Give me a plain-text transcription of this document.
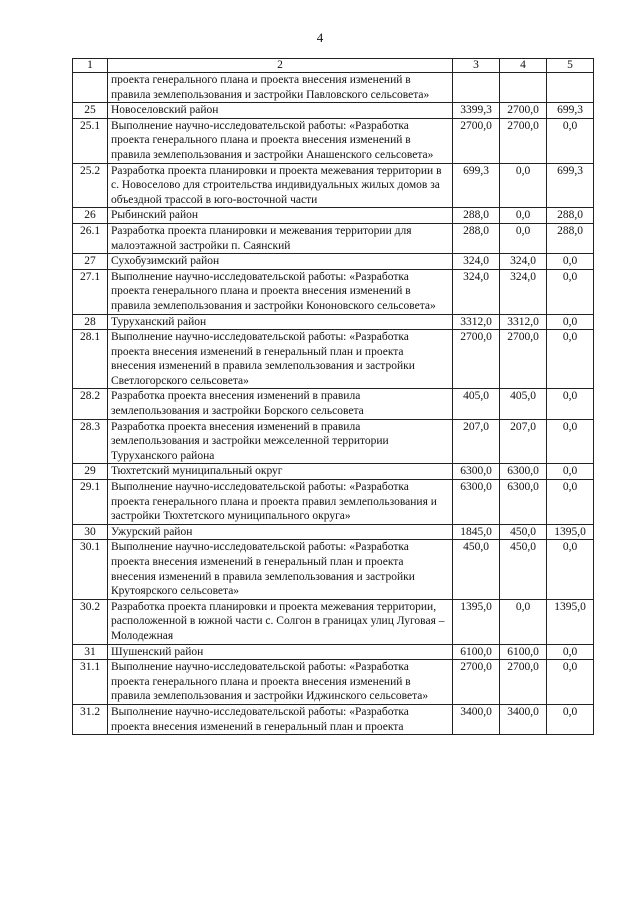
4
1	2	3	4	5
	проекта генерального плана и проекта внесения изменений в правила землепользования и застройки Павловского сельсовета»			
25	Новоселовский район	3399,3	2700,0	699,3
25.1	Выполнение научно-исследовательской работы: «Разработка проекта генерального плана и проекта внесения изменений в правила землепользования и застройки Анашенского сельсовета»	2700,0	2700,0	0,0
25.2	Разработка проекта планировки и проекта межевания территории в с. Новоселово для строительства индивидуальных жилых домов за объездной трассой в юго-восточной части	699,3	0,0	699,3
26	Рыбинский район	288,0	0,0	288,0
26.1	Разработка проекта планировки и межевания территории для малоэтажной застройки п. Саянский	288,0	0,0	288,0
27	Сухобузимский район	324,0	324,0	0,0
27.1	Выполнение научно-исследовательской работы: «Разработка проекта генерального плана и проекта внесения изменений в правила землепользования и застройки Кононовского сельсовета»	324,0	324,0	0,0
28	Туруханский район	3312,0	3312,0	0,0
28.1	Выполнение научно-исследовательской работы: «Разработка проекта внесения изменений в генеральный план и проекта внесения изменений в правила землепользования и застройки Светлогорского сельсовета»	2700,0	2700,0	0,0
28.2	Разработка проекта внесения изменений в правила землепользования и застройки Борского сельсовета	405,0	405,0	0,0
28.3	Разработка проекта внесения изменений в правила землепользования и застройки межселенной территории Туруханского района	207,0	207,0	0,0
29	Тюхтетский муниципальный округ	6300,0	6300,0	0,0
29.1	Выполнение научно-исследовательской работы: «Разработка проекта генерального плана и проекта правил землепользования и застройки Тюхтетского муниципального округа»	6300,0	6300,0	0,0
30	Ужурский район	1845,0	450,0	1395,0
30.1	Выполнение научно-исследовательской работы: «Разработка проекта внесения изменений в генеральный план и проекта внесения изменений в правила землепользования и застройки Крутоярского сельсовета»	450,0	450,0	0,0
30.2	Разработка проекта планировки и проекта межевания территории, расположенной в южной части с. Солгон в границах улиц Луговая – Молодежная	1395,0	0,0	1395,0
31	Шушенский район	6100,0	6100,0	0,0
31.1	Выполнение научно-исследовательской работы: «Разработка проекта генерального плана и проекта внесения изменений в правила землепользования и застройки Иджинского сельсовета»	2700,0	2700,0	0,0
31.2	Выполнение научно-исследовательской работы: «Разработка проекта внесения изменений в генеральный план и проекта	3400,0	3400,0	0,0
